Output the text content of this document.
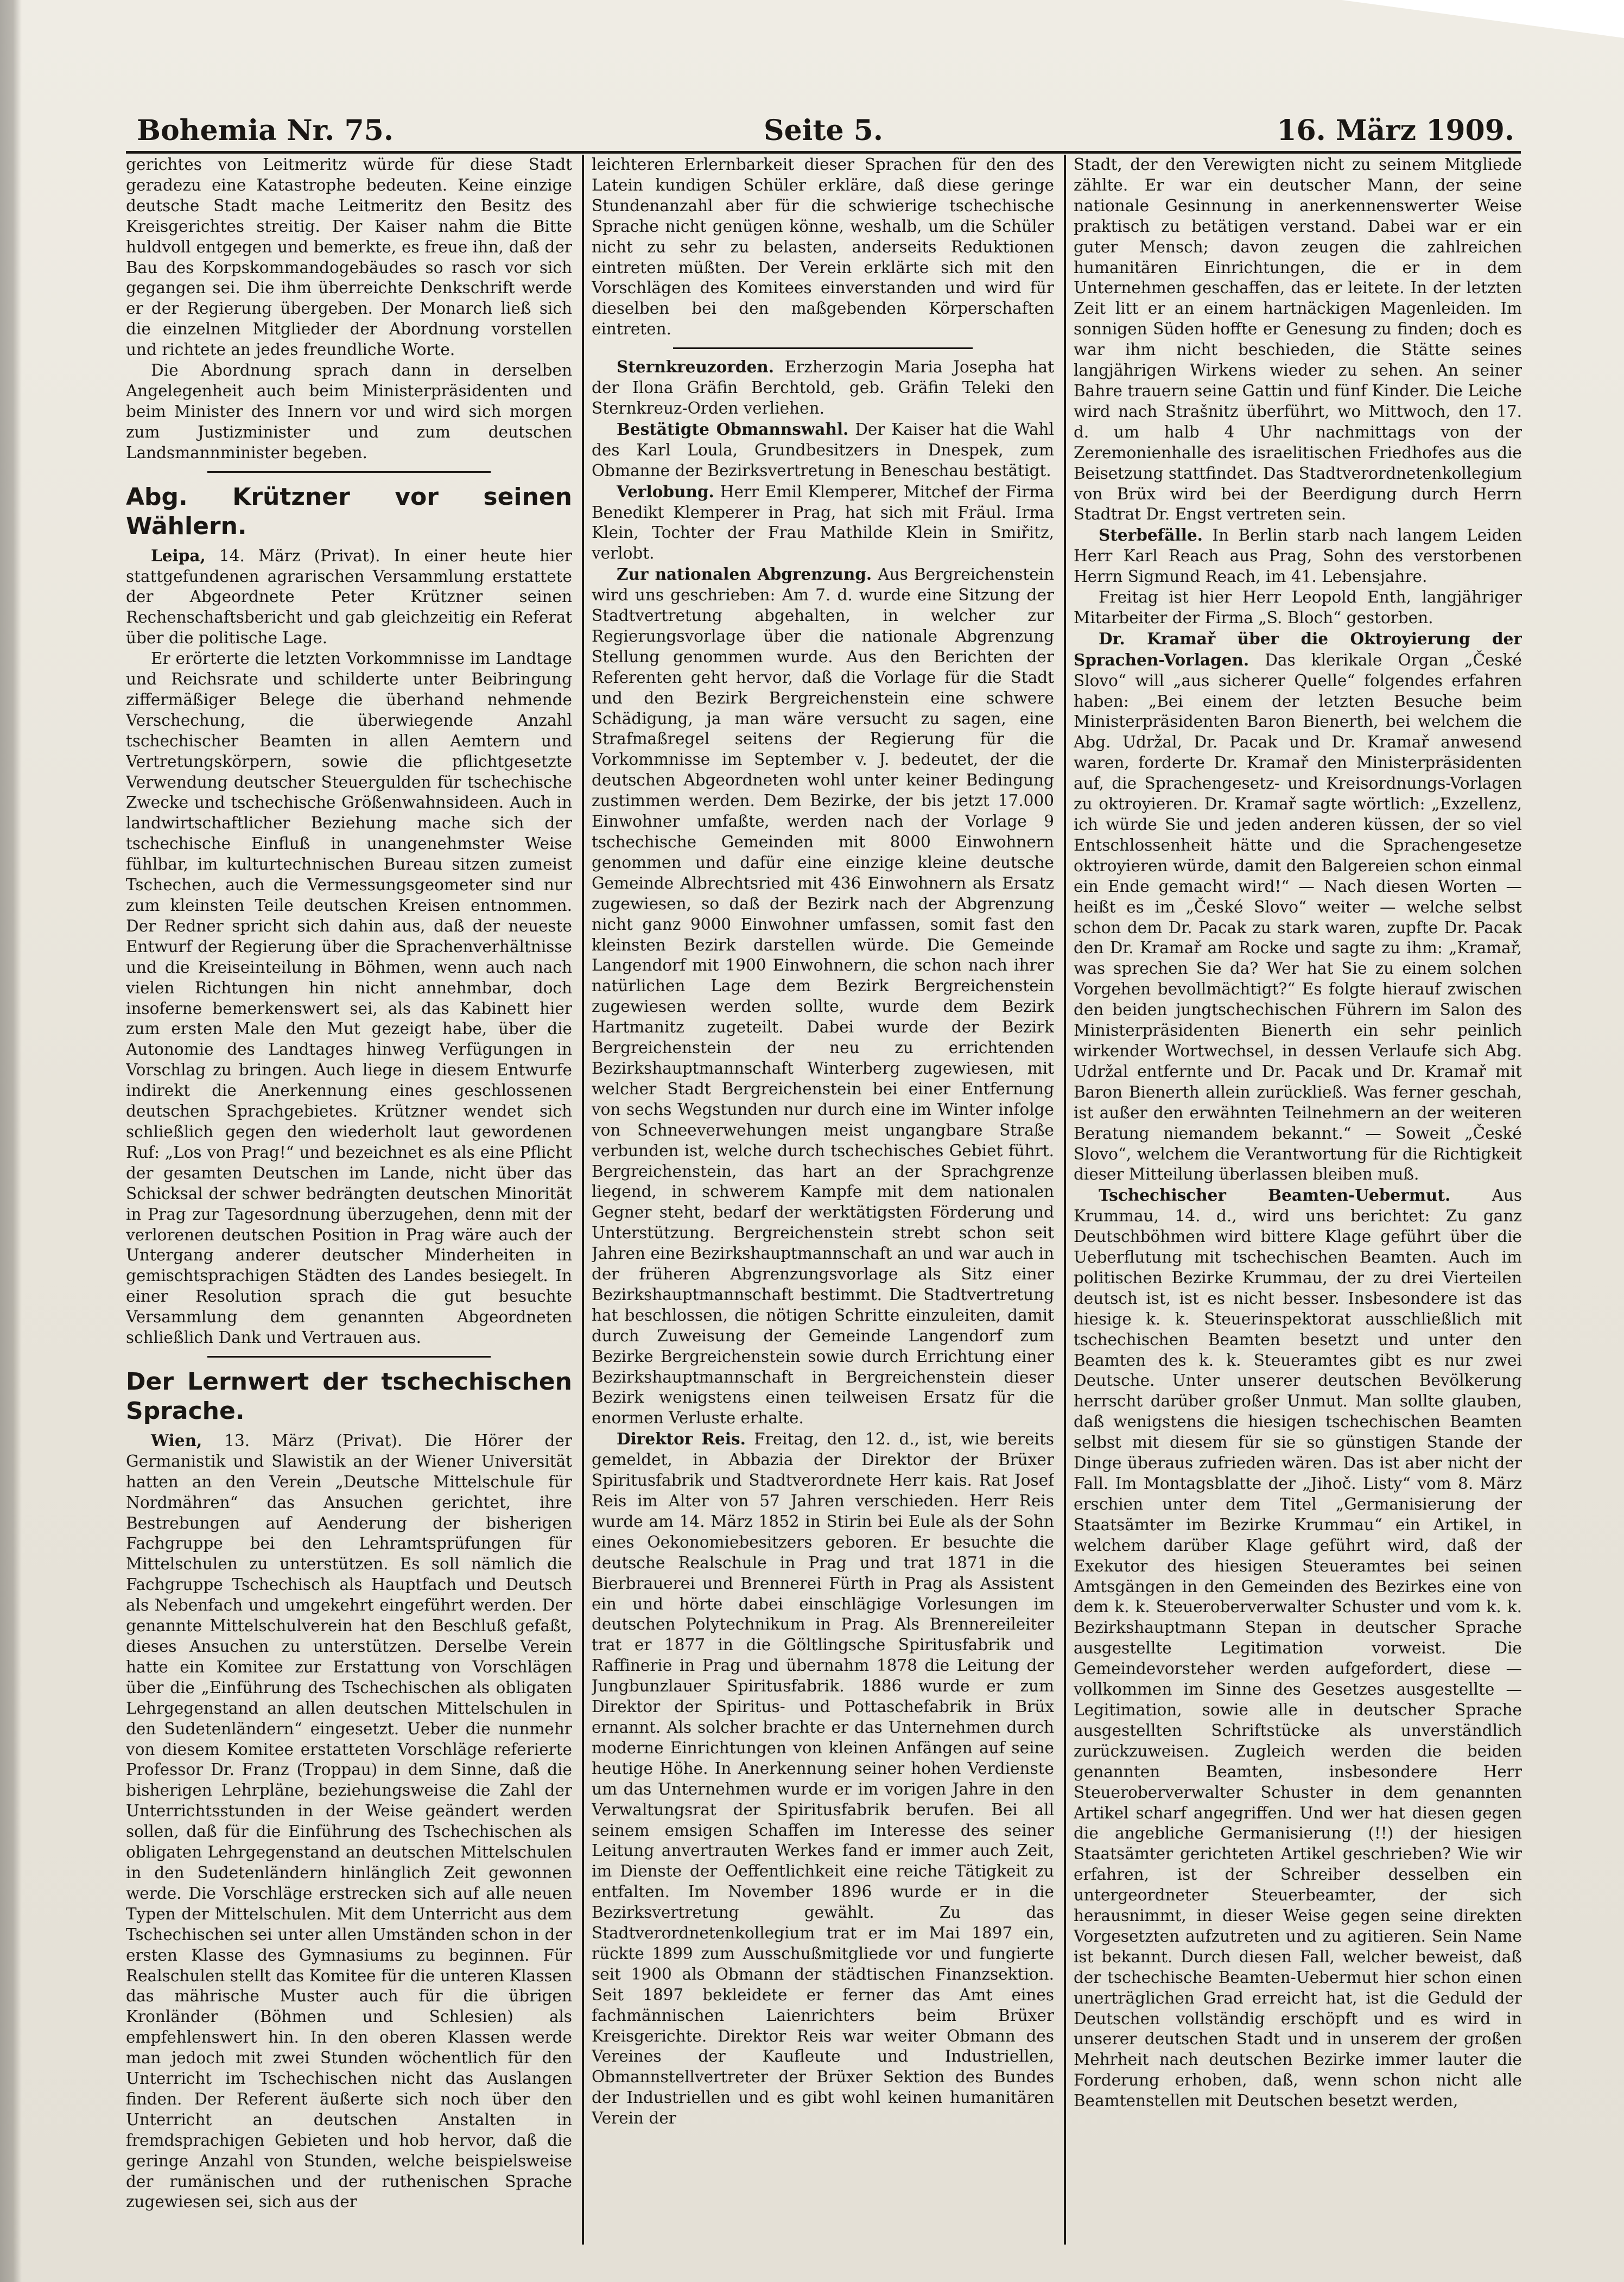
Bohemia Nr. 75.	Seite 5.	16. März 1909.

gerichtes von Leitmeritz würde für diese Stadt geradezu eine Katastrophe bedeuten. Keine einzige deutsche Stadt mache Leitmeritz den Besitz des Kreisgerichtes streitig. Der Kaiser nahm die Bitte huldvoll entgegen und bemerkte, es freue ihn, daß der Bau des Korpskommandogebäudes so rasch vor sich gegangen sei. Die ihm überreichte Denkschrift werde er der Regierung übergeben. Der Monarch ließ sich die einzelnen Mitglieder der Abordnung vorstellen und richtete an jedes freundliche Worte.

Die Abordnung sprach dann in derselben Angelegenheit auch beim Ministerpräsidenten und beim Minister des Innern vor und wird sich morgen zum Justizminister und zum deutschen Landsmannminister begeben.

Abg. Krützner vor seinen Wählern.

Leipa, 14. März (Privat). In einer heute hier stattgefundenen agrarischen Versammlung erstattete der Abgeordnete Peter Krützner seinen Rechenschaftsbericht und gab gleichzeitig ein Referat über die politische Lage.

Er erörterte die letzten Vorkommnisse im Landtage und Reichsrate und schilderte unter Beibringung ziffermäßiger Belege die überhand nehmende Verschechung, die überwiegende Anzahl tschechischer Beamten in allen Aemtern und Vertretungskörpern, sowie die pflichtgesetzte Verwendung deutscher Steuergulden für tschechische Zwecke und tschechische Größenwahnsideen. Auch in landwirtschaftlicher Beziehung mache sich der tschechische Einfluß in unangenehmster Weise fühlbar, im kulturtechnischen Bureau sitzen zumeist Tschechen, auch die Vermessungsgeometer sind nur zum kleinsten Teile deutschen Kreisen entnommen. Der Redner spricht sich dahin aus, daß der neueste Entwurf der Regierung über die Sprachenverhältnisse und die Kreiseinteilung in Böhmen, wenn auch nach vielen Richtungen hin nicht annehmbar, doch insoferne bemerkenswert sei, als das Kabinett hier zum ersten Male den Mut gezeigt habe, über die Autonomie des Landtages hinweg Verfügungen in Vorschlag zu bringen. Auch liege in diesem Entwurfe indirekt die Anerkennung eines geschlossenen deutschen Sprachgebietes. Krützner wendet sich schließlich gegen den wiederholt laut gewordenen Ruf: „Los von Prag!“ und bezeichnet es als eine Pflicht der gesamten Deutschen im Lande, nicht über das Schicksal der schwer bedrängten deutschen Minorität in Prag zur Tagesordnung überzugehen, denn mit der verlorenen deutschen Position in Prag wäre auch der Untergang anderer deutscher Minderheiten in gemischtsprachigen Städten des Landes besiegelt. In einer Resolution sprach die gut besuchte Versammlung dem genannten Abgeordneten schließlich Dank und Vertrauen aus.

Der Lernwert der tschechischen Sprache.

Wien, 13. März (Privat). Die Hörer der Germanistik und Slawistik an der Wiener Universität hatten an den Verein „Deutsche Mittelschule für Nordmähren“ das Ansuchen gerichtet, ihre Bestrebungen auf Aenderung der bisherigen Fachgruppe bei den Lehramtsprüfungen für Mittelschulen zu unterstützen. Es soll nämlich die Fachgruppe Tschechisch als Hauptfach und Deutsch als Nebenfach und umgekehrt eingeführt werden. Der genannte Mittelschulverein hat den Beschluß gefaßt, dieses Ansuchen zu unterstützen. Derselbe Verein hatte ein Komitee zur Erstattung von Vorschlägen über die „Einführung des Tschechischen als obligaten Lehrgegenstand an allen deutschen Mittelschulen in den Sudetenländern“ eingesetzt. Ueber die nunmehr von diesem Komitee erstatteten Vorschläge referierte Professor Dr. Franz (Troppau) in dem Sinne, daß die bisherigen Lehrpläne, beziehungsweise die Zahl der Unterrichtsstunden in der Weise geändert werden sollen, daß für die Einführung des Tschechischen als obligaten Lehrgegenstand an deutschen Mittelschulen in den Sudetenländern hinlänglich Zeit gewonnen werde. Die Vorschläge erstrecken sich auf alle neuen Typen der Mittelschulen. Mit dem Unterricht aus dem Tschechischen sei unter allen Umständen schon in der ersten Klasse des Gymnasiums zu beginnen. Für Realschulen stellt das Komitee für die unteren Klassen das mährische Muster auch für die übrigen Kronländer (Böhmen und Schlesien) als empfehlenswert hin. In den oberen Klassen werde man jedoch mit zwei Stunden wöchentlich für den Unterricht im Tschechischen nicht das Auslangen finden. Der Referent äußerte sich noch über den Unterricht an deutschen Anstalten in fremdsprachigen Gebieten und hob hervor, daß die geringe Anzahl von Stunden, welche beispielsweise der rumänischen und der ruthenischen Sprache zugewiesen sei, sich aus der

leichteren Erlernbarkeit dieser Sprachen für den des Latein kundigen Schüler erkläre, daß diese geringe Stundenanzahl aber für die schwierige tschechische Sprache nicht genügen könne, weshalb, um die Schüler nicht zu sehr zu belasten, anderseits Reduktionen eintreten müßten. Der Verein erklärte sich mit den Vorschlägen des Komitees einverstanden und wird für dieselben bei den maßgebenden Körperschaften eintreten.

Sternkreuzorden. Erzherzogin Maria Josepha hat der Ilona Gräfin Berchtold, geb. Gräfin Teleki den Sternkreuz-Orden verliehen.

Bestätigte Obmannswahl. Der Kaiser hat die Wahl des Karl Loula, Grundbesitzers in Dnespek, zum Obmanne der Bezirksvertretung in Beneschau bestätigt.

Verlobung. Herr Emil Klemperer, Mitchef der Firma Benedikt Klemperer in Prag, hat sich mit Fräul. Irma Klein, Tochter der Frau Mathilde Klein in Smiřitz, verlobt.

Zur nationalen Abgrenzung. Aus Bergreichenstein wird uns geschrieben: Am 7. d. wurde eine Sitzung der Stadtvertretung abgehalten, in welcher zur Regierungsvorlage über die nationale Abgrenzung Stellung genommen wurde. Aus den Berichten der Referenten geht hervor, daß die Vorlage für die Stadt und den Bezirk Bergreichenstein eine schwere Schädigung, ja man wäre versucht zu sagen, eine Strafmaßregel seitens der Regierung für die Vorkommnisse im September v. J. bedeutet, der die deutschen Abgeordneten wohl unter keiner Bedingung zustimmen werden. Dem Bezirke, der bis jetzt 17.000 Einwohner umfaßte, werden nach der Vorlage 9 tschechische Gemeinden mit 8000 Einwohnern genommen und dafür eine einzige kleine deutsche Gemeinde Albrechtsried mit 436 Einwohnern als Ersatz zugewiesen, so daß der Bezirk nach der Abgrenzung nicht ganz 9000 Einwohner umfassen, somit fast den kleinsten Bezirk darstellen würde. Die Gemeinde Langendorf mit 1900 Einwohnern, die schon nach ihrer natürlichen Lage dem Bezirk Bergreichenstein zugewiesen werden sollte, wurde dem Bezirk Hartmanitz zugeteilt. Dabei wurde der Bezirk Bergreichenstein der neu zu errichtenden Bezirkshauptmannschaft Winterberg zugewiesen, mit welcher Stadt Bergreichenstein bei einer Entfernung von sechs Wegstunden nur durch eine im Winter infolge von Schneeverwehungen meist ungangbare Straße verbunden ist, welche durch tschechisches Gebiet führt. Bergreichenstein, das hart an der Sprachgrenze liegend, in schwerem Kampfe mit dem nationalen Gegner steht, bedarf der werktätigsten Förderung und Unterstützung. Bergreichenstein strebt schon seit Jahren eine Bezirkshauptmannschaft an und war auch in der früheren Abgrenzungsvorlage als Sitz einer Bezirkshauptmannschaft bestimmt. Die Stadtvertretung hat beschlossen, die nötigen Schritte einzuleiten, damit durch Zuweisung der Gemeinde Langendorf zum Bezirke Bergreichenstein sowie durch Errichtung einer Bezirkshauptmannschaft in Bergreichenstein dieser Bezirk wenigstens einen teilweisen Ersatz für die enormen Verluste erhalte.

Direktor Reis. Freitag, den 12. d., ist, wie bereits gemeldet, in Abbazia der Direktor der Brüxer Spiritusfabrik und Stadtverordnete Herr kais. Rat Josef Reis im Alter von 57 Jahren verschieden. Herr Reis wurde am 14. März 1852 in Stirin bei Eule als der Sohn eines Oekonomiebesitzers geboren. Er besuchte die deutsche Realschule in Prag und trat 1871 in die Bierbrauerei und Brennerei Fürth in Prag als Assistent ein und hörte dabei einschlägige Vorlesungen im deutschen Polytechnikum in Prag. Als Brennereileiter trat er 1877 in die Göltlingsche Spiritusfabrik und Raffinerie in Prag und übernahm 1878 die Leitung der Jungbunzlauer Spiritusfabrik. 1886 wurde er zum Direktor der Spiritus- und Pottaschefabrik in Brüx ernannt. Als solcher brachte er das Unternehmen durch moderne Einrichtungen von kleinen Anfängen auf seine heutige Höhe. In Anerkennung seiner hohen Verdienste um das Unternehmen wurde er im vorigen Jahre in den Verwaltungsrat der Spiritusfabrik berufen. Bei all seinem emsigen Schaffen im Interesse des seiner Leitung anvertrauten Werkes fand er immer auch Zeit, im Dienste der Oeffentlichkeit eine reiche Tätigkeit zu entfalten. Im November 1896 wurde er in die Bezirksvertretung gewählt. Zu das Stadtverordnetenkollegium trat er im Mai 1897 ein, rückte 1899 zum Ausschußmitgliede vor und fungierte seit 1900 als Obmann der städtischen Finanzsektion. Seit 1897 bekleidete er ferner das Amt eines fachmännischen Laienrichters beim Brüxer Kreisgerichte. Direktor Reis war weiter Obmann des Vereines der Kaufleute und Industriellen, Obmannstellvertreter der Brüxer Sektion des Bundes der Industriellen und es gibt wohl keinen humanitären Verein der

Stadt, der den Verewigten nicht zu seinem Mitgliede zählte. Er war ein deutscher Mann, der seine nationale Gesinnung in anerkennenswerter Weise praktisch zu betätigen verstand. Dabei war er ein guter Mensch; davon zeugen die zahlreichen humanitären Einrichtungen, die er in dem Unternehmen geschaffen, das er leitete. In der letzten Zeit litt er an einem hartnäckigen Magenleiden. Im sonnigen Süden hoffte er Genesung zu finden; doch es war ihm nicht beschieden, die Stätte seines langjährigen Wirkens wieder zu sehen. An seiner Bahre trauern seine Gattin und fünf Kinder. Die Leiche wird nach Strašnitz überführt, wo Mittwoch, den 17. d. um halb 4 Uhr nachmittags von der Zeremonienhalle des israelitischen Friedhofes aus die Beisetzung stattfindet. Das Stadtverordnetenkollegium von Brüx wird bei der Beerdigung durch Herrn Stadtrat Dr. Engst vertreten sein.

Sterbefälle. In Berlin starb nach langem Leiden Herr Karl Reach aus Prag, Sohn des verstorbenen Herrn Sigmund Reach, im 41. Lebensjahre.

Freitag ist hier Herr Leopold Enth, langjähriger Mitarbeiter der Firma „S. Bloch“ gestorben.

Dr. Kramař über die Oktroyierung der Sprachen-Vorlagen. Das klerikale Organ „České Slovo“ will „aus sicherer Quelle“ folgendes erfahren haben: „Bei einem der letzten Besuche beim Ministerpräsidenten Baron Bienerth, bei welchem die Abg. Udržal, Dr. Pacak und Dr. Kramař anwesend waren, forderte Dr. Kramař den Ministerpräsidenten auf, die Sprachengesetz- und Kreisordnungs-Vorlagen zu oktroyieren. Dr. Kramař sagte wörtlich: „Exzellenz, ich würde Sie und jeden anderen küssen, der so viel Entschlossenheit hätte und die Sprachengesetze oktroyieren würde, damit den Balgereien schon einmal ein Ende gemacht wird!“ — Nach diesen Worten — heißt es im „České Slovo“ weiter — welche selbst schon dem Dr. Pacak zu stark waren, zupfte Dr. Pacak den Dr. Kramař am Rocke und sagte zu ihm: „Kramař, was sprechen Sie da? Wer hat Sie zu einem solchen Vorgehen bevollmächtigt?“ Es folgte hierauf zwischen den beiden jungtschechischen Führern im Salon des Ministerpräsidenten Bienerth ein sehr peinlich wirkender Wortwechsel, in dessen Verlaufe sich Abg. Udržal entfernte und Dr. Pacak und Dr. Kramař mit Baron Bienerth allein zurückließ. Was ferner geschah, ist außer den erwähnten Teilnehmern an der weiteren Beratung niemandem bekannt.“ — Soweit „České Slovo“, welchem die Verantwortung für die Richtigkeit dieser Mitteilung überlassen bleiben muß.

Tschechischer Beamten-Uebermut.	Aus Krummau, 14. d., wird uns berichtet: Zu ganz Deutschböhmen wird bittere Klage geführt über die Ueberflutung mit tschechischen Beamten. Auch im politischen Bezirke Krummau, der zu drei Vierteilen deutsch ist, ist es nicht besser. Insbesondere ist das hiesige k. k. Steuerinspektorat ausschließlich mit tschechischen Beamten besetzt und unter den Beamten des k. k. Steueramtes gibt es nur zwei Deutsche. Unter unserer deutschen Bevölkerung herrscht darüber großer Unmut. Man sollte glauben, daß wenigstens die hiesigen tschechischen Beamten selbst mit diesem für sie so günstigen Stande der Dinge überaus zufrieden wären. Das ist aber nicht der Fall. Im Montagsblatte der „Jihoč. Listy“ vom 8. März erschien unter dem Titel „Germanisierung der Staatsämter im Bezirke Krummau“ ein Artikel, in welchem darüber Klage geführt wird, daß der Exekutor des hiesigen Steueramtes bei seinen Amtsgängen in den Gemeinden des Bezirkes eine von dem k. k. Steueroberverwalter Schuster und vom k. k. Bezirkshauptmann Stepan in deutscher Sprache ausgestellte Legitimation vorweist. Die Gemeindevorsteher werden aufgefordert, diese — vollkommen im Sinne des Gesetzes ausgestellte — Legitimation, sowie alle in deutscher Sprache ausgestellten Schriftstücke als unverständlich zurückzuweisen. Zugleich werden die beiden genannten Beamten, insbesondere Herr Steueroberverwalter Schuster in dem genannten Artikel scharf angegriffen. Und wer hat diesen gegen die angebliche Germanisierung (!!) der hiesigen Staatsämter gerichteten Artikel geschrieben? Wie wir erfahren, ist der Schreiber desselben ein untergeordneter Steuerbeamter, der sich herausnimmt, in dieser Weise gegen seine direkten Vorgesetzten aufzutreten und zu agitieren. Sein Name ist bekannt. Durch diesen Fall, welcher beweist, daß der tschechische Beamten-Uebermut hier schon einen unerträglichen Grad erreicht hat, ist die Geduld der Deutschen vollständig erschöpft und es wird in unserer deutschen Stadt und in unserem der großen Mehrheit nach deutschen Bezirke immer lauter die Forderung erhoben, daß, wenn schon nicht alle Beamtenstellen mit Deutschen besetzt werden,
